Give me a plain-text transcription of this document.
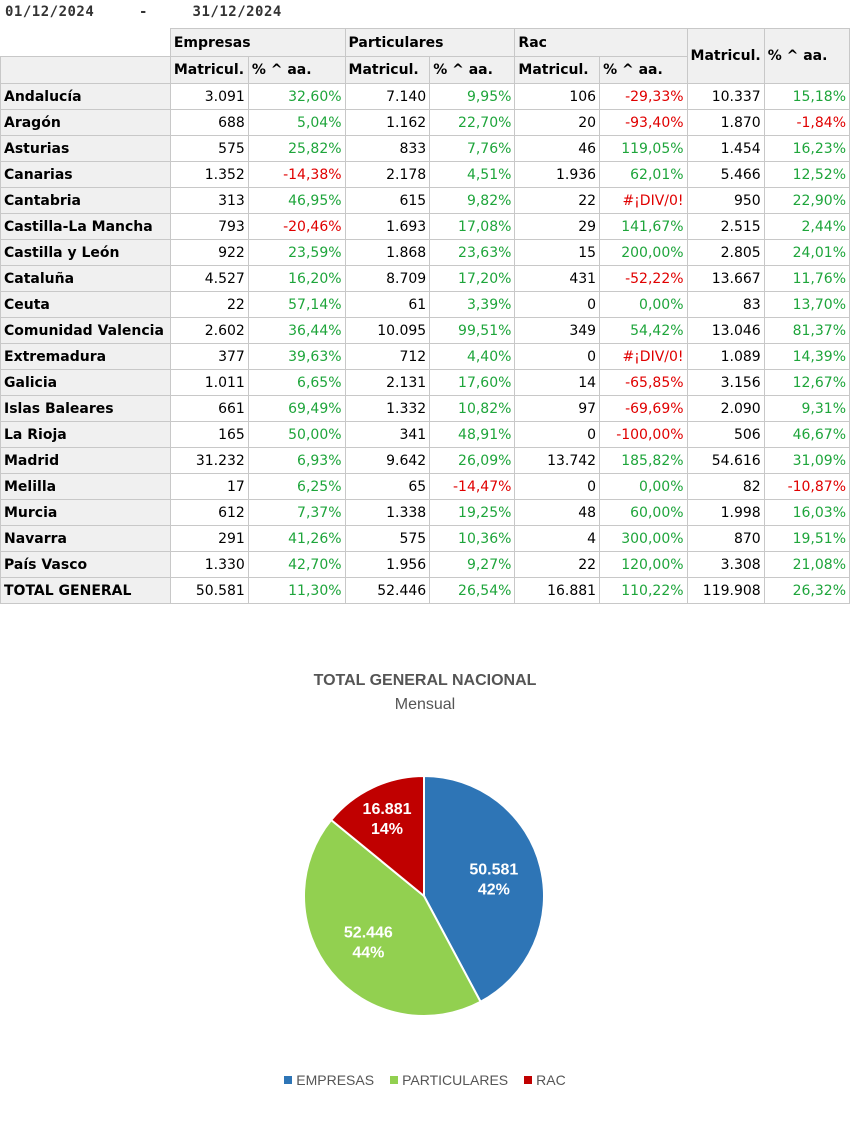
01/12/2024	-	31/12/2024
	Empresas		Particulares		Rac		Matricul.	% ^ aa.
	Matricul.	% ^ aa.	Matricul.	% ^ aa.	Matricul.	% ^ aa.		
Andalucía	3.091	32,60%	7.140	9,95%	106	-29,33%	10.337	15,18%
Aragón	688	5,04%	1.162	22,70%	20	-93,40%	1.870	-1,84%
Asturias	575	25,82%	833	7,76%	46	119,05%	1.454	16,23%
Canarias	1.352	-14,38%	2.178	4,51%	1.936	62,01%	5.466	12,52%
Cantabria	313	46,95%	615	9,82%	22	#¡DIV/0!	950	22,90%
Castilla-La Mancha	793	-20,46%	1.693	17,08%	29	141,67%	2.515	2,44%
Castilla y León	922	23,59%	1.868	23,63%	15	200,00%	2.805	24,01%
Cataluña	4.527	16,20%	8.709	17,20%	431	-52,22%	13.667	11,76%
Ceuta	22	57,14%	61	3,39%	0	0,00%	83	13,70%
Comunidad Valencia	2.602	36,44%	10.095	99,51%	349	54,42%	13.046	81,37%
Extremadura	377	39,63%	712	4,40%	0	#¡DIV/0!	1.089	14,39%
Galicia	1.011	6,65%	2.131	17,60%	14	-65,85%	3.156	12,67%
Islas Baleares	661	69,49%	1.332	10,82%	97	-69,69%	2.090	9,31%
La Rioja	165	50,00%	341	48,91%	0	-100,00%	506	46,67%
Madrid	31.232	6,93%	9.642	26,09%	13.742	185,82%	54.616	31,09%
Melilla	17	6,25%	65	-14,47%	0	0,00%	82	-10,87%
Murcia	612	7,37%	1.338	19,25%	48	60,00%	1.998	16,03%
Navarra	291	41,26%	575	10,36%	4	300,00%	870	19,51%
País Vasco	1.330	42,70%	1.956	9,27%	22	120,00%	3.308	21,08%
TOTAL GENERAL	50.581	11,30%	52.446	26,54%	16.881	110,22%	119.908	26,32%
TOTAL GENERAL NACIONAL
Mensual
50.581
42%
52.446
44%
16.881
14%
EMPRESAS PARTICULARES RAC
